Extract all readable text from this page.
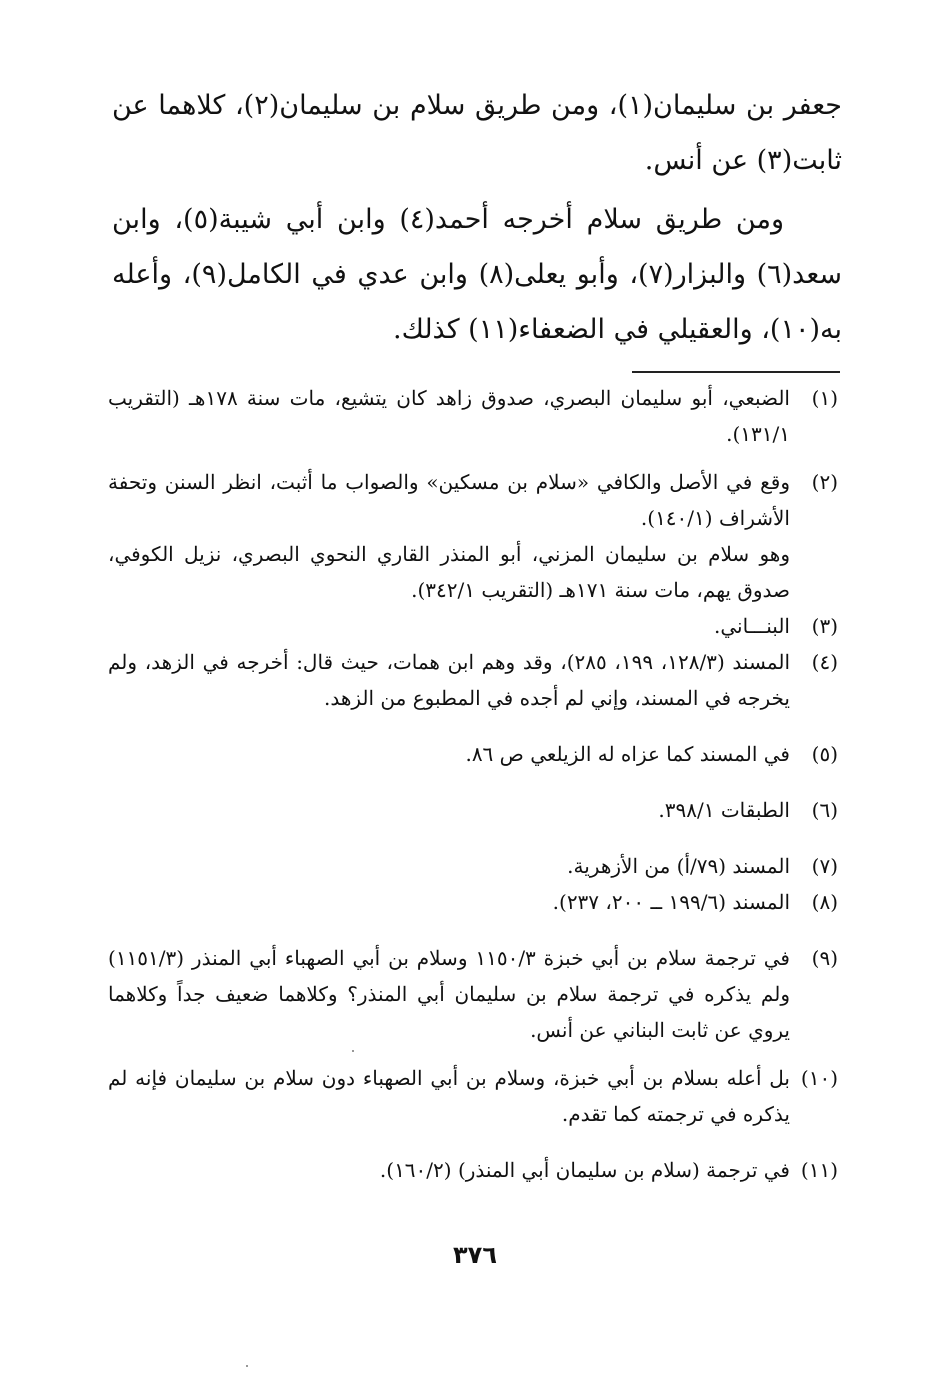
جعفر بن سليمان(١)، ومن طريق سلام بن سليمان(٢)، كلاهما عن ثابت(٣) عن أنس.

ومن طريق سلام أخرجه أحمد(٤) وابن أبي شيبة(٥)، وابن سعد(٦) والبزار(٧)، وأبو يعلى(٨) وابن عدي في الكامل(٩)، وأعله به(١٠)، والعقيلي في الضعفاء(١١) كذلك.

(١)
الضبعي، أبو سليمان البصري، صدوق زاهد كان يتشيع، مات سنة ١٧٨هـ (التقريب ١٣١/١).
(٢)
وقع في الأصل والكافي «سلام بن مسكين» والصواب ما أثبت، انظر السنن وتحفة الأشراف (١٤٠/١).
وهو سلام بن سليمان المزني، أبو المنذر القاري النحوي البصري، نزيل الكوفي، صدوق يهم، مات سنة ١٧١هـ (التقريب ٣٤٢/١).
(٣)
البنـــاني.
(٤)
المسند (١٢٨/٣، ١٩٩، ٢٨٥)، وقد وهم ابن همات، حيث قال: أخرجه في الزهد، ولم يخرجه في المسند، وإني لم أجده في المطبوع من الزهد.
(٥)
في المسند كما عزاه له الزيلعي ص ٨٦.
(٦)
الطبقات ٣٩٨/١.
(٧)
المسند (٧٩/أ) من الأزهرية.
(٨)
المسند (١٩٩/٦ ــ ٢٠٠، ٢٣٧).
(٩)
في ترجمة سلام بن أبي خبزة ١١٥٠/٣ وسلام بن أبي الصهباء أبي المنذر (١١٥١/٣) ولم يذكره في ترجمة سلام بن سليمان أبي المنذر؟ وكلاهما ضعيف جداً وكلاهما يروي عن ثابت البناني عن أنس.
(١٠)
بل أعله بسلام بن أبي خبزة، وسلام بن أبي الصهباء دون سلام بن سليمان فإنه لم يذكره في ترجمته كما تقدم.
(١١)
في ترجمة (سلام بن سليمان أبي المنذر) (١٦٠/٢).
٣٧٦
